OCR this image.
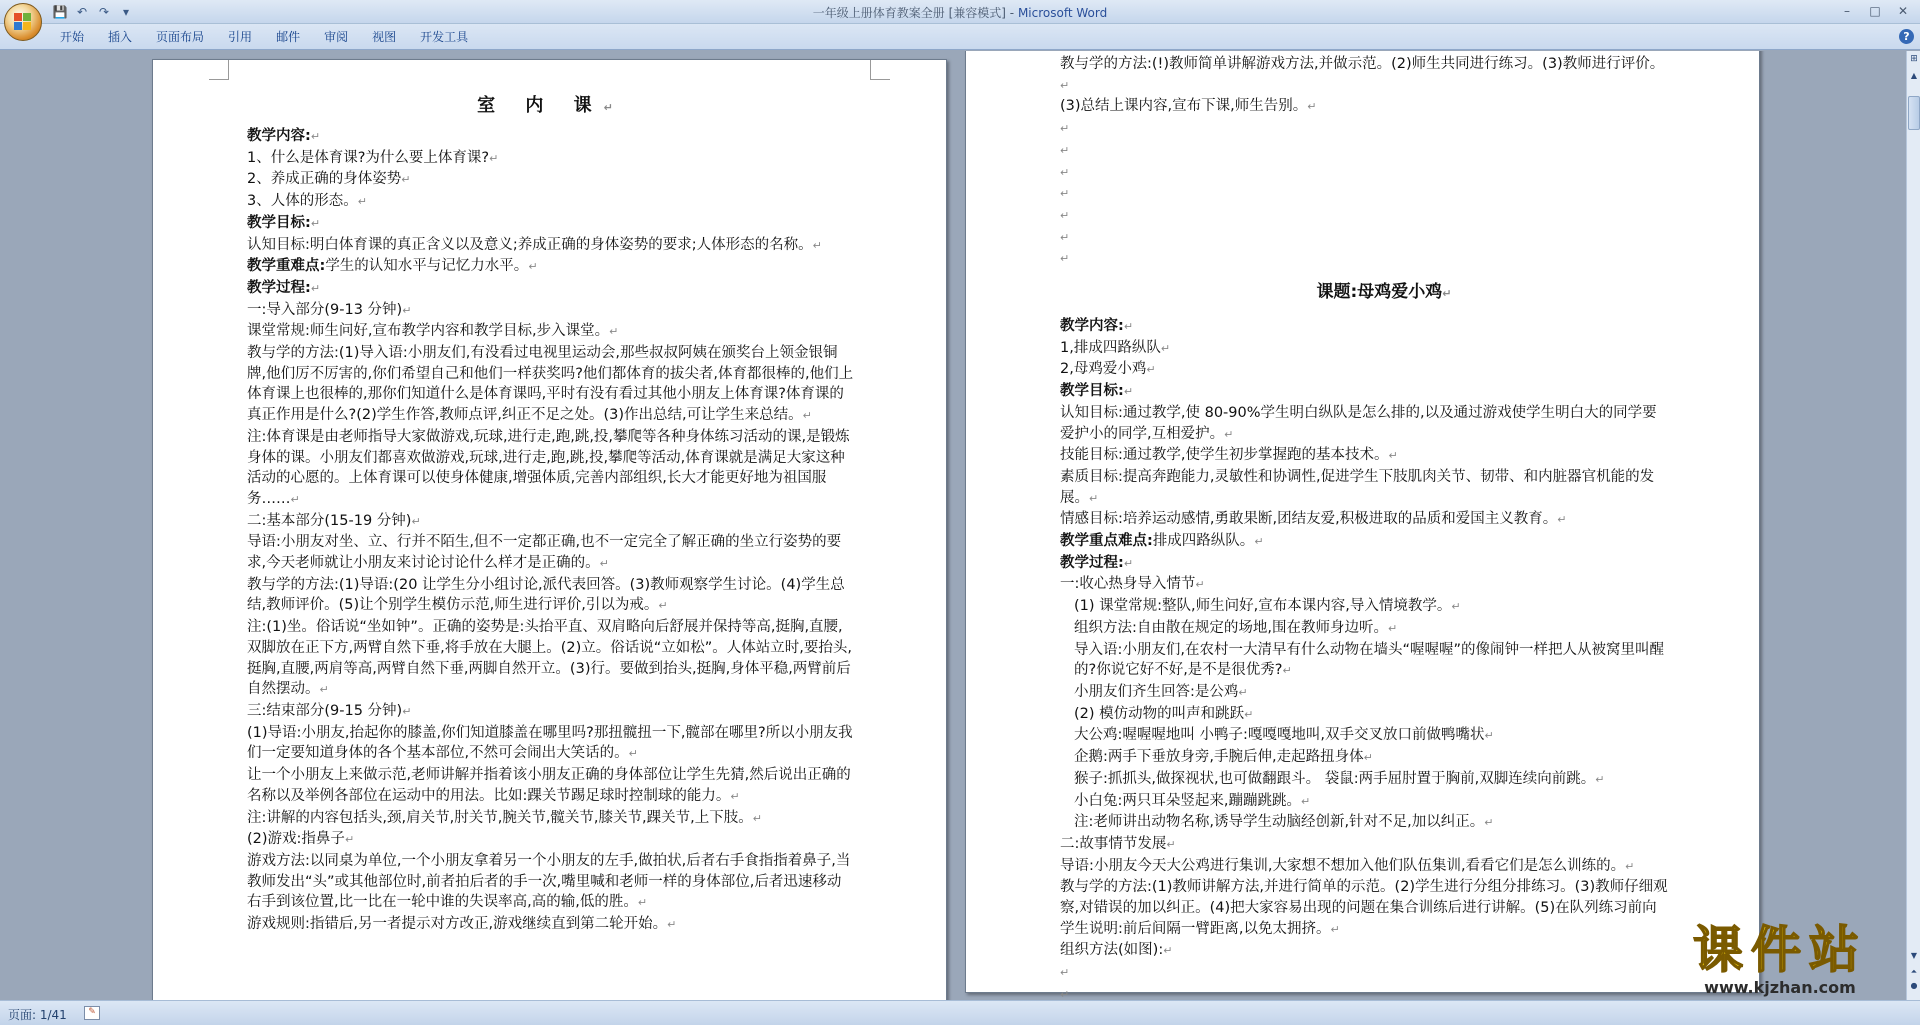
💾 ↶ ↷	▾	一年级上册体育教案全册 [兼容模式] - Microsoft Word	–	□	✕
开始	插入	页面布局	引用	邮件	审阅	视图	开发工具	?
室 内 课↵

教学内容:↵

1、什么是体育课?为什么要上体育课?↵

2、养成正确的身体姿势↵

3、人体的形态。↵

教学目标:↵

认知目标:明白体育课的真正含义以及意义;养成正确的身体姿势的要求;人体形态的名称。↵

教学重难点:学生的认知水平与记忆力水平。↵

教学过程:↵

一:导入部分(9-13 分钟)↵

课堂常规:师生问好,宣布教学内容和教学目标,步入课堂。↵

教与学的方法:(1)导入语:小朋友们,有没看过电视里运动会,那些叔叔阿姨在颁奖台上领金银铜牌,他们厉不厉害的,你们希望自己和他们一样获奖吗?他们都体育的拔尖者,体育都很棒的,他们上体育课上也很棒的,那你们知道什么是体育课吗,平时有没有看过其他小朋友上体育课?体育课的真正作用是什么?(2)学生作答,教师点评,纠正不足之处。(3)作出总结,可让学生来总结。↵

注:体育课是由老师指导大家做游戏,玩球,进行走,跑,跳,投,攀爬等各种身体练习活动的课,是锻炼身体的课。小朋友们都喜欢做游戏,玩球,进行走,跑,跳,投,攀爬等活动,体育课就是满足大家这种活动的心愿的。上体育课可以使身体健康,增强体质,完善内部组织,长大才能更好地为祖国服务……↵

二:基本部分(15-19 分钟)↵

导语:小朋友对坐、立、行并不陌生,但不一定都正确,也不一定完全了解正确的坐立行姿势的要求,今天老师就让小朋友来讨论讨论什么样才是正确的。↵

教与学的方法:(1)导语:(20 让学生分小组讨论,派代表回答。(3)教师观察学生讨论。(4)学生总结,教师评价。(5)让个别学生模仿示范,师生进行评价,引以为戒。↵

注:(1)坐。俗话说“坐如钟”。正确的姿势是:头抬平直、双肩略向后舒展并保持等高,挺胸,直腰,双脚放在正下方,两臂自然下垂,将手放在大腿上。(2)立。俗话说“立如松”。人体站立时,要抬头,挺胸,直腰,两肩等高,两臂自然下垂,两脚自然开立。(3)行。要做到抬头,挺胸,身体平稳,两臂前后自然摆动。↵

三:结束部分(9-15 分钟)↵

(1)导语:小朋友,抬起你的膝盖,你们知道膝盖在哪里吗?那扭髋扭一下,髋部在哪里?所以小朋友我们一定要知道身体的各个基本部位,不然可会闹出大笑话的。↵

让一个小朋友上来做示范,老师讲解并指着该小朋友正确的身体部位让学生先猜,然后说出正确的名称以及举例各部位在运动中的用法。比如:踝关节踢足球时控制球的能力。↵

注:讲解的内容包括头,颈,肩关节,肘关节,腕关节,髋关节,膝关节,踝关节,上下肢。↵

(2)游戏:指鼻子↵

游戏方法:以同桌为单位,一个小朋友拿着另一个小朋友的左手,做拍状,后者右手食指指着鼻子,当教师发出“头”或其他部位时,前者拍后者的手一次,嘴里喊和老师一样的身体部位,后者迅速移动右手到该位置,比一比在一轮中谁的失误率高,高的输,低的胜。↵

游戏规则:指错后,另一者提示对方改正,游戏继续直到第二轮开始。↵

教与学的方法:(!)教师简单讲解游戏方法,并做示范。(2)师生共同进行练习。(3)教师进行评价。↵

(3)总结上课内容,宣布下课,师生告别。↵

↵

↵

↵

↵

↵

↵

↵

课题:母鸡爱小鸡↵

教学内容:↵

1,排成四路纵队↵

2,母鸡爱小鸡↵

教学目标:↵

认知目标:通过教学,使 80-90%学生明白纵队是怎么排的,以及通过游戏使学生明白大的同学要爱护小的同学,互相爱护。↵

技能目标:通过教学,使学生初步掌握跑的基本技术。↵

素质目标:提高奔跑能力,灵敏性和协调性,促进学生下肢肌肉关节、韧带、和内脏器官机能的发展。↵

情感目标:培养运动感情,勇敢果断,团结友爱,积极进取的品质和爱国主义教育。↵

教学重点难点:排成四路纵队。↵

教学过程:↵

一:收心热身导入情节↵

(1) 课堂常规:整队,师生问好,宣布本课内容,导入情境教学。↵

组织方法:自由散在规定的场地,围在教师身边听。↵

导入语:小朋友们,在农村一大清早有什么动物在墙头“喔喔喔”的像闹钟一样把人从被窝里叫醒的?你说它好不好,是不是很优秀?↵

小朋友们齐生回答:是公鸡↵

(2) 模仿动物的叫声和跳跃↵

大公鸡:喔喔喔地叫 小鸭子:嘎嘎嘎地叫,双手交叉放口前做鸭嘴状↵

企鹅:两手下垂放身旁,手腕后伸,走起路扭身体↵

猴子:抓抓头,做探视状,也可做翻跟斗。 袋鼠:两手屈肘置于胸前,双脚连续向前跳。↵

小白兔:两只耳朵竖起来,蹦蹦跳跳。↵

注:老师讲出动物名称,诱导学生动脑经创新,针对不足,加以纠正。↵

二:故事情节发展↵

导语:小朋友今天大公鸡进行集训,大家想不想加入他们队伍集训,看看它们是怎么训练的。↵

教与学的方法:(1)教师讲解方法,并进行简单的示范。(2)学生进行分组分排练习。(3)教师仔细观察,对错误的加以纠正。(4)把大家容易出现的问题在集合训练后进行讲解。(5)在队列练习前向学生说明:前后间隔一臂距离,以免太拥挤。↵

组织方法(如图):↵

↵

↵

⊞
▲
▼
⏶
●
页面: 1/41	✎
课件站
www.kjzhan.com
